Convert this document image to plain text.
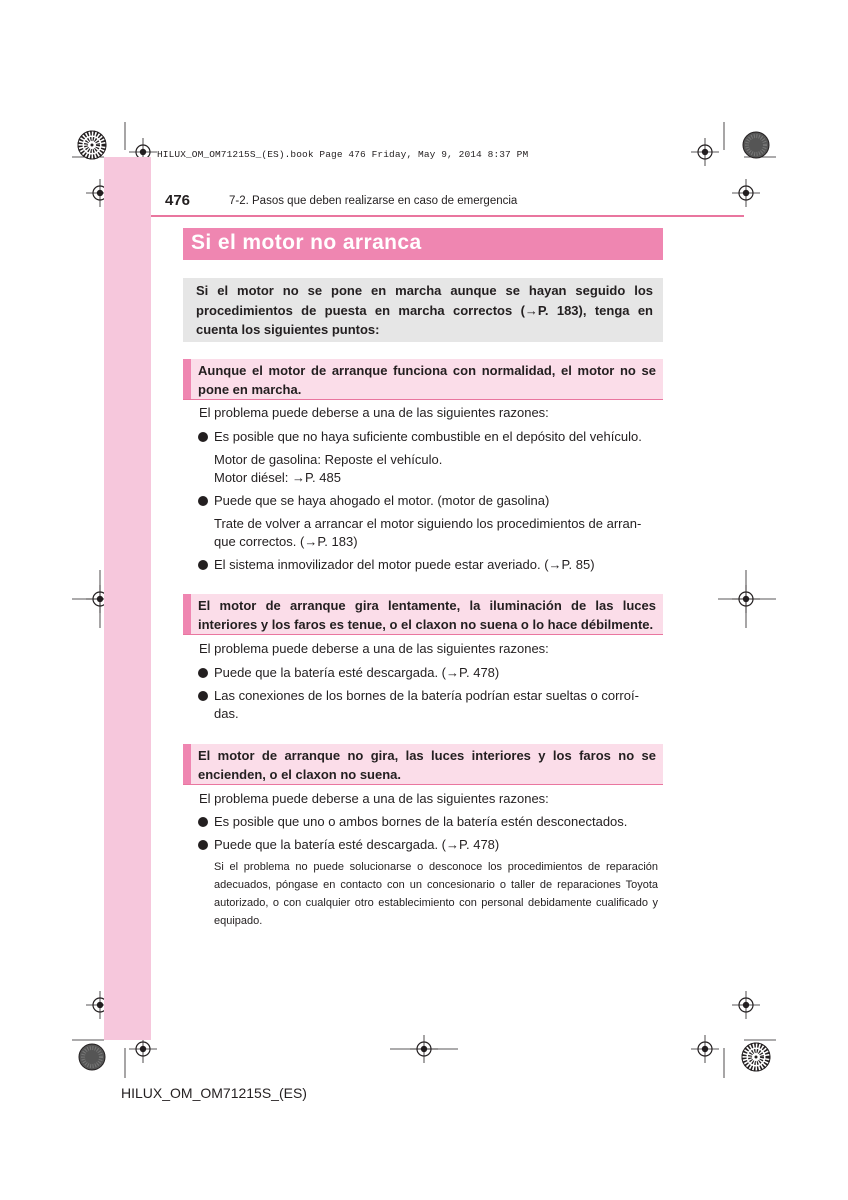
HILUX_OM_OM71215S_(ES).book Page 476 Friday, May 9, 2014 8:37 PM
476	7-2. Pasos que deben realizarse en caso de emergencia
Si el motor no arranca
Si el motor no se pone en marcha aunque se hayan seguido los procedimientos de puesta en marcha correctos (→P. 183), tenga en cuenta los siguientes puntos:
Aunque el motor de arranque funciona con normalidad, el motor no se pone en marcha.
El problema puede deberse a una de las siguientes razones:
Es posible que no haya suficiente combustible en el depósito del vehículo.
Motor de gasolina: Reposte el vehículo.
Motor diésel: →P. 485
Puede que se haya ahogado el motor. (motor de gasolina)
Trate de volver a arrancar el motor siguiendo los procedimientos de arran-
que correctos. (→P. 183)
El sistema inmovilizador del motor puede estar averiado. (→P. 85)
El motor de arranque gira lentamente, la iluminación de las luces interiores y los faros es tenue, o el claxon no suena o lo hace débilmente.
El problema puede deberse a una de las siguientes razones:
Puede que la batería esté descargada. (→P. 478)
Las conexiones de los bornes de la batería podrían estar sueltas o corroí-
das.
El motor de arranque no gira, las luces interiores y los faros no se encienden, o el claxon no suena.
El problema puede deberse a una de las siguientes razones:
Es posible que uno o ambos bornes de la batería estén desconectados.
Puede que la batería esté descargada. (→P. 478)
Si el problema no puede solucionarse o desconoce los procedimientos de reparación adecuados, póngase en contacto con un concesionario o taller de reparaciones Toyota autorizado, o con cualquier otro establecimiento con personal debidamente cualificado y equipado.
HILUX_OM_OM71215S_(ES)
